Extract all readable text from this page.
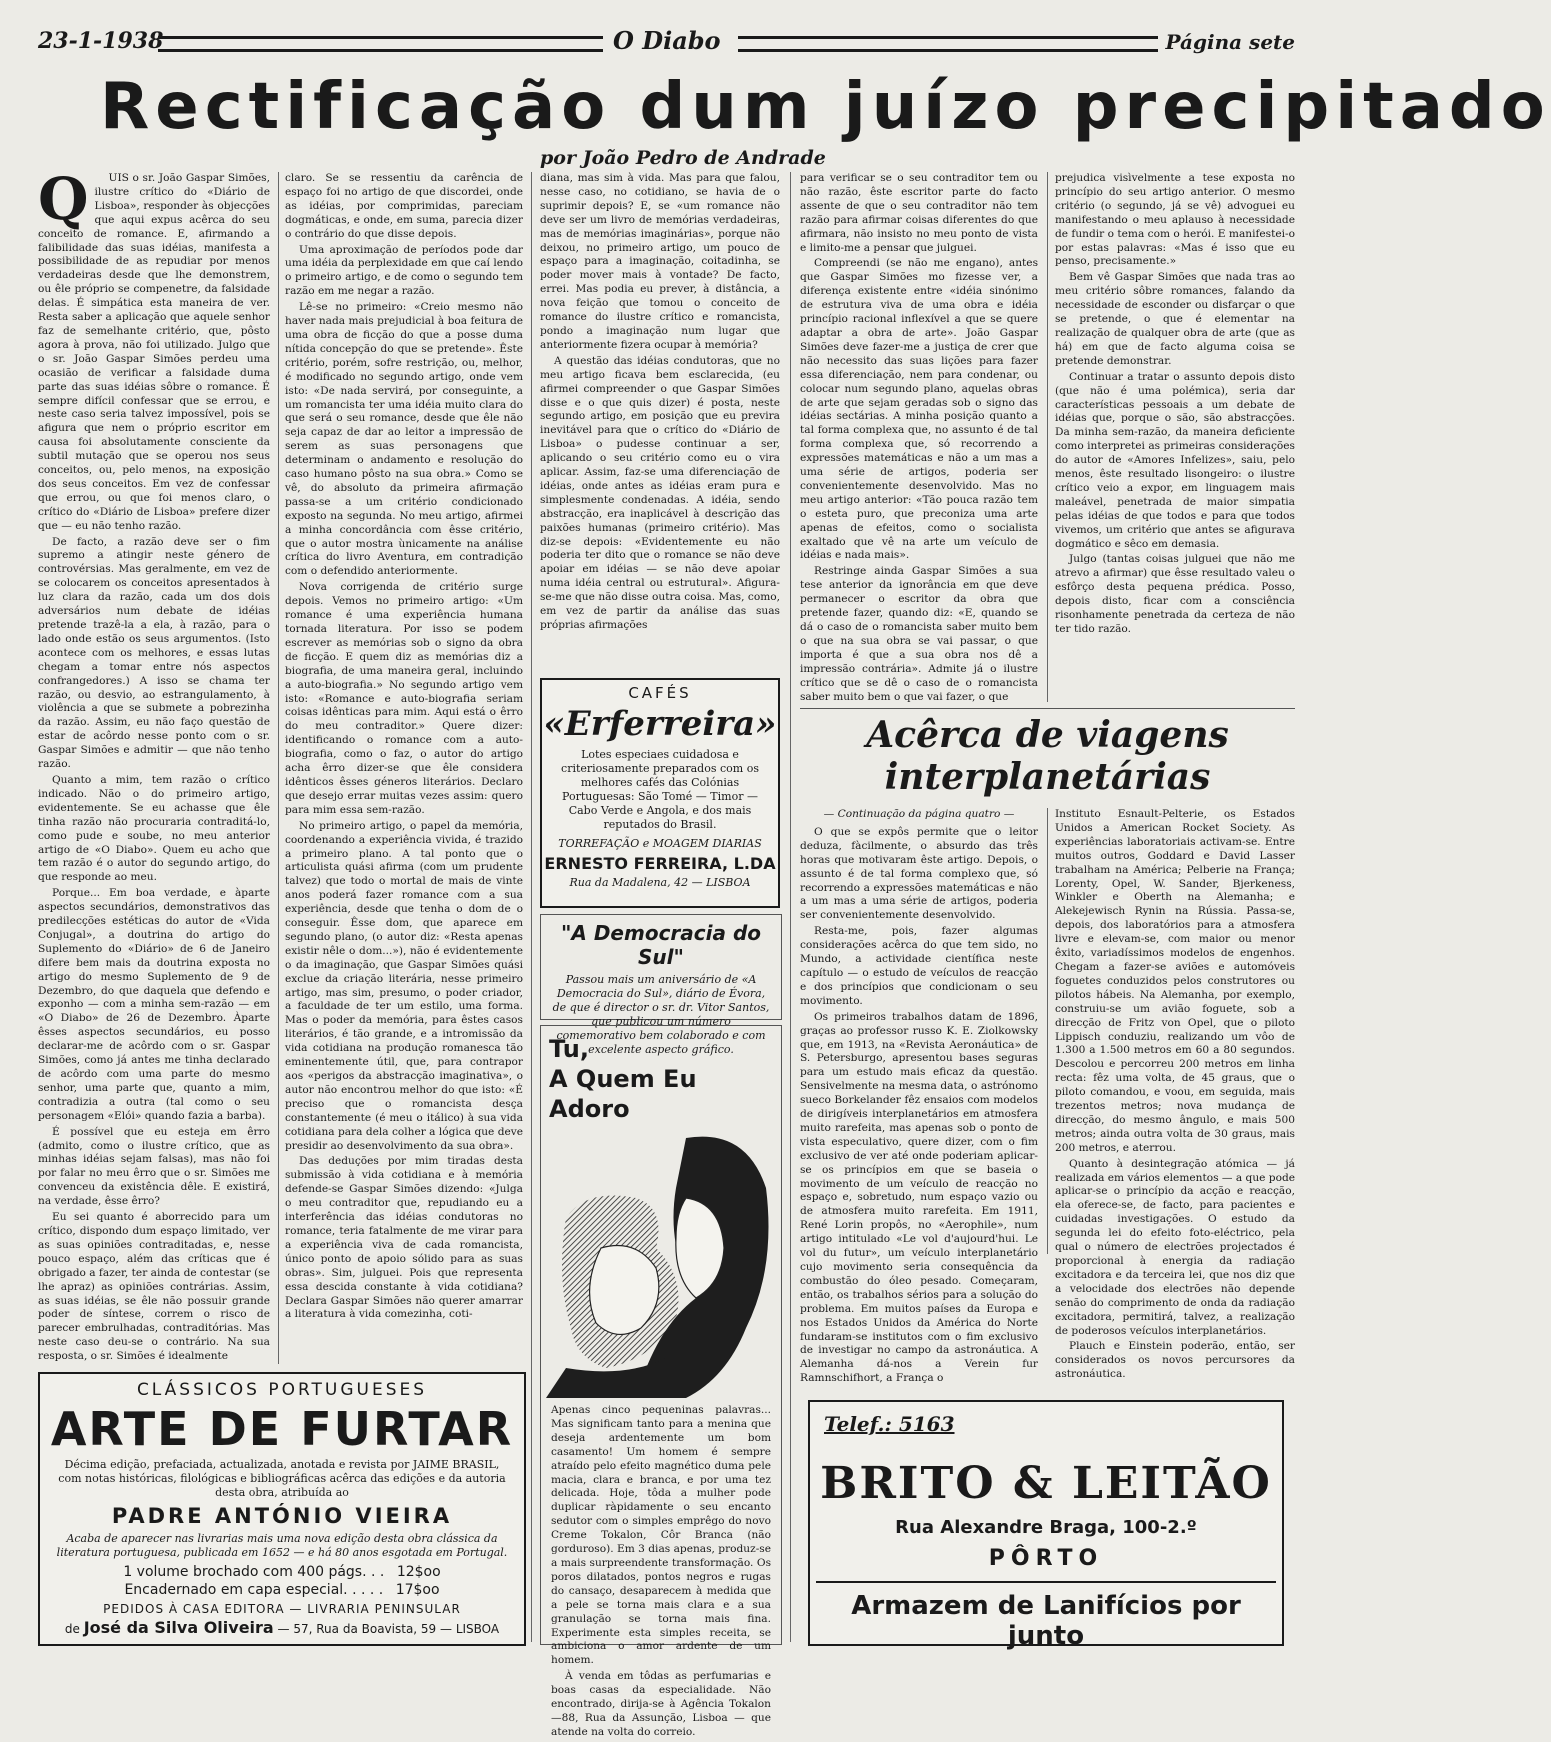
23-1-1938	O Diabo	Página sete
Rectificação dum juízo precipitado
por João Pedro de Andrade
Q	UIS o sr. João Gaspar Simões, ilustre crítico do «Diário de Lisboa», responder às objecções que aqui expus acêrca do seu conceito de romance. E, afirmando a falibilidade das suas idéias, manifesta a possibilidade de as repudiar por menos verdadeiras desde que lhe demonstrem, ou êle próprio se compenetre, da falsidade delas. É simpática esta maneira de ver. Resta saber a aplicação que aquele senhor faz de semelhante critério, que, pôsto agora à prova, não foi utilizado. Julgo que o sr. João Gaspar Simões perdeu uma ocasião de verificar a falsidade duma parte das suas idéias sôbre o romance. É sempre difícil confessar que se errou, e neste caso seria talvez impossível, pois se afigura que nem o próprio escritor em causa foi absolutamente consciente da subtil mutação que se operou nos seus conceitos, ou, pelo menos, na exposição dos seus conceitos. Em vez de confessar que errou, ou que foi menos claro, o crítico do «Diário de Lisboa» prefere dizer que — eu não tenho razão.

De facto, a razão deve ser o fim supremo a atingir neste género de controvérsias. Mas geralmente, em vez de se colocarem os conceitos apresentados à luz clara da razão, cada um dos dois adversários num debate de idéias pretende trazê-la a ela, à razão, para o lado onde estão os seus argumentos. (Isto acontece com os melhores, e essas lutas chegam a tomar entre nós aspectos confrangedores.) A isso se chama ter razão, ou desvio, ao estrangulamento, à violência a que se submete a pobrezinha da razão. Assim, eu não faço questão de estar de acôrdo nesse ponto com o sr. Gaspar Simões e admitir — que não tenho razão.

Quanto a mim, tem razão o crítico indicado. Não o do primeiro artigo, evidentemente. Se eu achasse que êle tinha razão não procuraria contraditá-lo, como pude e soube, no meu anterior artigo de «O Diabo». Quem eu acho que tem razão é o autor do segundo artigo, do que responde ao meu.

Porque... Em boa verdade, e àparte aspectos secundários, demonstrativos das predilecções estéticas do autor de «Vida Conjugal», a doutrina do artigo do Suplemento do «Diário» de 6 de Janeiro difere bem mais da doutrina exposta no artigo do mesmo Suplemento de 9 de Dezembro, do que daquela que defendo e exponho — com a minha sem-razão — em «O Diabo» de 26 de Dezembro. Àparte êsses aspectos secundários, eu posso declarar-me de acôrdo com o sr. Gaspar Simões, como já antes me tinha declarado de acôrdo com uma parte do mesmo senhor, uma parte que, quanto a mim, contradizia a outra (tal como o seu personagem «Elói» quando fazia a barba).

É possível que eu esteja em êrro (admito, como o ilustre crítico, que as minhas idéias sejam falsas), mas não foi por falar no meu êrro que o sr. Simões me convenceu da existência dêle. E existirá, na verdade, êsse êrro?

Eu sei quanto é aborrecido para um crítico, dispondo dum espaço limitado, ver as suas opiniões contraditadas, e, nesse pouco espaço, além das críticas que é obrigado a fazer, ter ainda de contestar (se lhe apraz) as opiniões contrárias. Assim, as suas idéias, se êle não possuir grande poder de síntese, correm o risco de parecer embrulhadas, contraditórias. Mas neste caso deu-se o contrário. Na sua resposta, o sr. Simões é idealmente

claro. Se se ressentiu da carência de espaço foi no artigo de que discordei, onde as idéias, por comprimidas, pareciam dogmáticas, e onde, em suma, parecia dizer o contrário do que disse depois.

Uma aproximação de períodos pode dar uma idéia da perplexidade em que caí lendo o primeiro artigo, e de como o segundo tem razão em me negar a razão.

Lê-se no primeiro: «Creio mesmo não haver nada mais prejudicial à boa feitura de uma obra de ficção do que a posse duma nítida concepção do que se pretende». Êste critério, porém, sofre restrição, ou, melhor, é modificado no segundo artigo, onde vem isto: «De nada servirá, por conseguinte, a um romancista ter uma idéia muito clara do que será o seu romance, desde que êle não seja capaz de dar ao leitor a impressão de serem as suas personagens que determinam o andamento e resolução do caso humano pôsto na sua obra.» Como se vê, do absoluto da primeira afirmação passa-se a um critério condicionado exposto na segunda. No meu artigo, afirmei a minha concordância com êsse critério, que o autor mostra ùnicamente na análise crítica do livro Aventura, em contradição com o defendido anteriormente.

Nova corrigenda de critério surge depois. Vemos no primeiro artigo: «Um romance é uma experiência humana tornada literatura. Por isso se podem escrever as memórias sob o signo da obra de ficção. E quem diz as memórias diz a biografia, de uma maneira geral, incluindo a auto-biografia.» No segundo artigo vem isto: «Romance e auto-biografia seriam coisas idênticas para mim. Aqui está o êrro do meu contraditor.» Quere dizer: identificando o romance com a auto-biografia, como o faz, o autor do artigo acha êrro dizer-se que êle considera idênticos êsses géneros literários. Declaro que desejo errar muitas vezes assim: quero para mim essa sem-razão.

No primeiro artigo, o papel da memória, coordenando a experiência vivida, é trazido a primeiro plano. A tal ponto que o articulista quási afirma (com um prudente talvez) que todo o mortal de mais de vinte anos poderá fazer romance com a sua experiência, desde que tenha o dom de o conseguir. Êsse dom, que aparece em segundo plano, (o autor diz: «Resta apenas existir nêle o dom...»), não é evidentemente o da imaginação, que Gaspar Simões quási exclue da criação literária, nesse primeiro artigo, mas sim, presumo, o poder criador, a faculdade de ter um estilo, uma forma. Mas o poder da memória, para êstes casos literários, é tão grande, e a intromissão da vida cotidiana na produção romanesca tão eminentemente útil, que, para contrapor aos «perigos da abstracção imaginativa», o autor não encontrou melhor do que isto: «É preciso que o romancista desça constantemente (é meu o itálico) à sua vida cotidiana para dela colher a lógica que deve presidir ao desenvolvimento da sua obra».

Das deduções por mim tiradas desta submissão à vida cotidiana e à memória defende-se Gaspar Simões dizendo: «Julga o meu contraditor que, repudiando eu a interferência das idéias condutoras no romance, teria fatalmente de me virar para a experiência viva de cada romancista, único ponto de apoio sólido para as suas obras». Sim, julguei. Pois que representa essa descida constante à vida cotidiana? Declara Gaspar Simões não querer amarrar a literatura à vida comezinha, coti-

diana, mas sim à vida. Mas para que falou, nesse caso, no cotidiano, se havia de o suprimir depois? E, se «um romance não deve ser um livro de memórias verdadeiras, mas de memórias imaginárias», porque não deixou, no primeiro artigo, um pouco de espaço para a imaginação, coitadinha, se poder mover mais à vontade? De facto, errei. Mas podia eu prever, à distância, a nova feição que tomou o conceito de romance do ilustre crítico e romancista, pondo a imaginação num lugar que anteriormente fizera ocupar à memória?

A questão das idéias condutoras, que no meu artigo ficava bem esclarecida, (eu afirmei compreender o que Gaspar Simões disse e o que quis dizer) é posta, neste segundo artigo, em posição que eu previra inevitável para que o crítico do «Diário de Lisboa» o pudesse continuar a ser, aplicando o seu critério como eu o vira aplicar. Assim, faz-se uma diferenciação de idéias, onde antes as idéias eram pura e simplesmente condenadas. A idéia, sendo abstracção, era inaplicável à descrição das paixões humanas (primeiro critério). Mas diz-se depois: «Evidentemente eu não poderia ter dito que o romance se não deve apoiar em idéias — se não deve apoiar numa idéia central ou estrutural». Afigura-se-me que não disse outra coisa. Mas, como, em vez de partir da análise das suas próprias afirmações

para verificar se o seu contraditor tem ou não razão, êste escritor parte do facto assente de que o seu contraditor não tem razão para afirmar coisas diferentes do que afirmara, não insisto no meu ponto de vista e limito-me a pensar que julguei.

Compreendi (se não me engano), antes que Gaspar Simões mo fizesse ver, a diferença existente entre «idéia sinónimo de estrutura viva de uma obra e idéia princípio racional inflexível a que se quere adaptar a obra de arte». João Gaspar Simões deve fazer-me a justiça de crer que não necessito das suas lições para fazer essa diferenciação, nem para condenar, ou colocar num segundo plano, aquelas obras de arte que sejam geradas sob o signo das idéias sectárias. A minha posição quanto a tal forma complexa que, no assunto é de tal forma complexa que, só recorrendo a expressões matemáticas e não a um mas a uma série de artigos, poderia ser convenientemente desenvolvido. Mas no meu artigo anterior: «Tão pouca razão tem o esteta puro, que preconiza uma arte apenas de efeitos, como o socialista exaltado que vê na arte um veículo de idéias e nada mais».

Restringe ainda Gaspar Simões a sua tese anterior da ignorância em que deve permanecer o escritor da obra que pretende fazer, quando diz: «E, quando se dá o caso de o romancista saber muito bem o que na sua obra se vai passar, o que importa é que a sua obra nos dê a impressão contrária». Admite já o ilustre crítico que se dê o caso de o romancista saber muito bem o que vai fazer, o que

prejudica visìvelmente a tese exposta no princípio do seu artigo anterior. O mesmo critério (o segundo, já se vê) advoguei eu manifestando o meu aplauso à necessidade de fundir o tema com o herói. E manifestei-o por estas palavras: «Mas é isso que eu penso, precisamente.»

Bem vê Gaspar Simões que nada tras ao meu critério sôbre romances, falando da necessidade de esconder ou disfarçar o que se pretende, o que é elementar na realização de qualquer obra de arte (que as há) em que de facto alguma coisa se pretende demonstrar.

Continuar a tratar o assunto depois disto (que não é uma polémica), seria dar características pessoais a um debate de idéias que, porque o são, são abstracções. Da minha sem-razão, da maneira deficiente como interpretei as primeiras considerações do autor de «Amores Infelizes», saiu, pelo menos, êste resultado lisongeiro: o ilustre crítico veio a expor, em linguagem mais maleável, penetrada de maior simpatia pelas idéias de que todos e para que todos vivemos, um critério que antes se afigurava dogmático e sêco em demasia.

Julgo (tantas coisas julguei que não me atrevo a afirmar) que êsse resultado valeu o esfôrço desta pequena prédica. Posso, depois disto, ficar com a consciência risonhamente penetrada da certeza de não ter tido razão.

CAFÉS
«Erferreira»
Lotes especiaes cuidadosa e criteriosamente preparados com os melhores cafés das Colónias Portuguesas: São Tomé — Timor — Cabo Verde e Angola, e dos mais reputados do Brasil.
TORREFAÇÃO e MOAGEM DIARIAS
ERNESTO FERREIRA, L.DA
Rua da Madalena, 42 — LISBOA
"A Democracia do Sul"
Passou mais um aniversário de «A Democracia do Sul», diário de Évora, de que é director o sr. dr. Vitor Santos, que publicou um número comemorativo bem colaborado e com excelente aspecto gráfico.
Tu,
A Quem Eu Adoro

Apenas cinco pequeninas palavras... Mas significam tanto para a menina que deseja ardentemente um bom casamento! Um homem é sempre atraído pelo efeito magnético duma pele macia, clara e branca, e por uma tez delicada. Hoje, tôda a mulher pode duplicar ràpidamente o seu encanto sedutor com o simples emprêgo do novo Creme Tokalon, Côr Branca (não gorduroso). Em 3 dias apenas, produz-se a mais surpreendente transformação. Os poros dilatados, pontos negros e rugas do cansaço, desaparecem à medida que a pele se torna mais clara e a sua granulação se torna mais fina. Experimente esta simples receita, se ambiciona o amor ardente de um homem.

À venda em tôdas as perfumarias e boas casas da especialidade. Não encontrado, dirija-se à Agência Tokalon—88, Rua da Assunção, Lisboa — que atende na volta do correio.

Acêrca de viagens
interplanetárias
— Continuação da página quatro —

O que se expôs permite que o leitor deduza, fàcilmente, o absurdo das três horas que motivaram êste artigo. Depois, o assunto é de tal forma complexo que, só recorrendo a expressões matemáticas e não a um mas a uma série de artigos, poderia ser convenientemente desenvolvido.

Resta-me, pois, fazer algumas considerações acêrca do que tem sido, no Mundo, a actividade científica neste capítulo — o estudo de veículos de reacção e dos princípios que condicionam o seu movimento.

Os primeiros trabalhos datam de 1896, graças ao professor russo K. E. Ziolkowsky que, em 1913, na «Revista Aeronáutica» de S. Petersburgo, apresentou bases seguras para um estudo mais eficaz da questão. Sensivelmente na mesma data, o astrónomo sueco Borkelander fêz ensaios com modelos de dirigíveis interplanetários em atmosfera muito rarefeita, mas apenas sob o ponto de vista especulativo, quere dizer, com o fim exclusivo de ver até onde poderiam aplicar-se os princípios em que se baseia o movimento de um veículo de reacção no espaço e, sobretudo, num espaço vazio ou de atmosfera muito rarefeita. Em 1911, René Lorin propôs, no «Aerophile», num artigo intitulado «Le vol d'aujourd'hui. Le vol du futur», um veículo interplanetário cujo movimento seria consequência da combustão do óleo pesado. Começaram, então, os trabalhos sérios para a solução do problema. Em muitos países da Europa e nos Estados Unidos da América do Norte fundaram-se institutos com o fim exclusivo de investigar no campo da astronáutica. A Alemanha dá-nos a Verein fur Ramnschifhort, a França o

Instituto Esnault-Pelterie, os Estados Unidos a American Rocket Society. As experiências laboratoriais activam-se. Entre muitos outros, Goddard e David Lasser trabalham na América; Pelberie na França; Lorenty, Opel, W. Sander, Bjerkeness, Winkler e Oberth na Alemanha; e Alekejewisch Rynin na Rússia. Passa-se, depois, dos laboratórios para a atmosfera livre e elevam-se, com maior ou menor êxito, variadíssimos modelos de engenhos. Chegam a fazer-se aviões e automóveis foguetes conduzidos pelos construtores ou pilotos hábeis. Na Alemanha, por exemplo, construiu-se um avião foguete, sob a direcção de Fritz von Opel, que o piloto Lippisch conduziu, realizando um vôo de 1.300 a 1.500 metros em 60 a 80 segundos. Descolou e percorreu 200 metros em linha recta: fêz uma volta, de 45 graus, que o piloto comandou, e voou, em seguida, mais trezentos metros; nova mudança de direcção, do mesmo ângulo, e mais 500 metros; ainda outra volta de 30 graus, mais 200 metros, e aterrou.

Quanto à desintegração atómica — já realizada em vários elementos — a que pode aplicar-se o princípio da acção e reacção, ela oferece-se, de facto, para pacientes e cuidadas investigações. O estudo da segunda lei do efeito foto-eléctrico, pela qual o número de electrões projectados é proporcional à energia da radiação excitadora e da terceira lei, que nos diz que a velocidade dos electrões não depende senão do comprimento de onda da radiação excitadora, permitirá, talvez, a realização de poderosos veículos interplanetários.

Plauch e Einstein poderão, então, ser considerados os novos percursores da astronáutica.

CLÁSSICOS PORTUGUESES
ARTE DE FURTAR
Décima edição, prefaciada, actualizada, anotada e revista por JAIME BRASIL, com notas históricas, filológicas e bibliográficas acêrca das edições e da autoria desta obra, atribuída ao
PADRE ANTÓNIO VIEIRA
Acaba de aparecer nas livrarias mais uma nova edição desta obra clássica da literatura portuguesa, publicada em 1652 — e há 80 anos esgotada em Portugal.
1 volume brochado com 400 págs. . . 12$oo
Encadernado em capa especial. . . . . 17$oo
PEDIDOS À CASA EDITORA — LIVRARIA PENINSULAR
de José da Silva Oliveira — 57, Rua da Boavista, 59 — LISBOA
Telef.: 5163
BRITO & LEITÃO
Rua Alexandre Braga, 100-2.º
PÔRTO
Armazem de Lanifícios por junto
